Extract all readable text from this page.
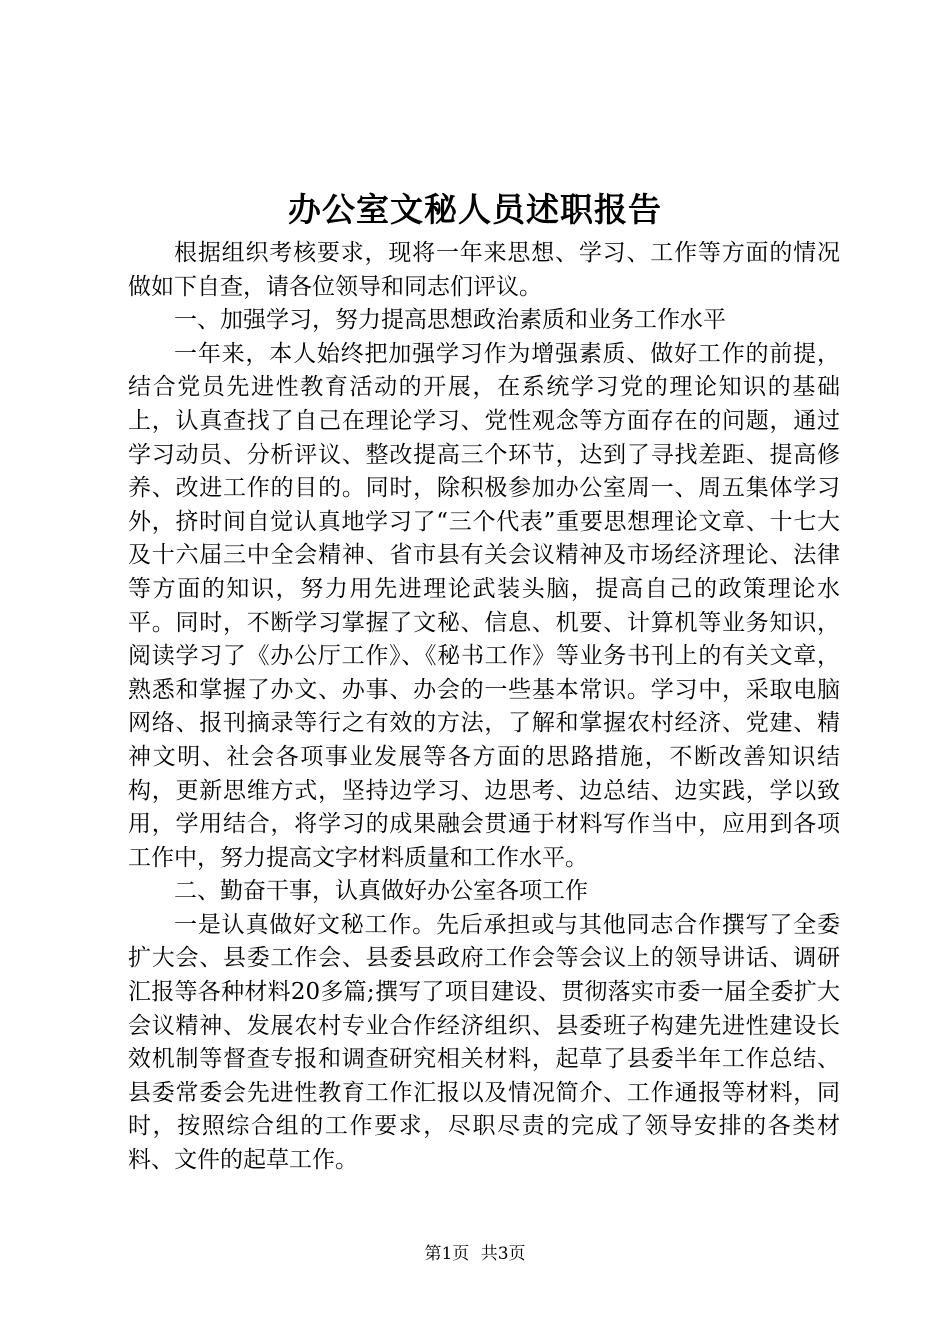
办公室文秘人员述职报告

根据组织考核要求，现将一年来思想、学习、工作等方面的情况做如下自查，请各位领导和同志们评议。

一、加强学习，努力提高思想政治素质和业务工作水平

一年来，本人始终把加强学习作为增强素质、做好工作的前提，结合党员先进性教育活动的开展，在系统学习党的理论知识的基础上，认真查找了自己在理论学习、党性观念等方面存在的问题，通过学习动员、分析评议、整改提高三个环节，达到了寻找差距、提高修养、改进工作的目的。同时，除积极参加办公室周一、周五集体学习外，挤时间自觉认真地学习了“三个代表”重要思想理论文章、十七大及十六届三中全会精神、省市县有关会议精神及市场经济理论、法律等方面的知识，努力用先进理论武装头脑，提高自己的政策理论水平。同时，不断学习掌握了文秘、信息、机要、计算机等业务知识，阅读学习了《办公厅工作》、《秘书工作》等业务书刊上的有关文章，熟悉和掌握了办文、办事、办会的一些基本常识。学习中，采取电脑网络、报刊摘录等行之有效的方法，了解和掌握农村经济、党建、精神文明、社会各项事业发展等各方面的思路措施，不断改善知识结构，更新思维方式，坚持边学习、边思考、边总结、边实践，学以致用，学用结合，将学习的成果融会贯通于材料写作当中，应用到各项工作中，努力提高文字材料质量和工作水平。

二、勤奋干事，认真做好办公室各项工作

一是认真做好文秘工作。先后承担或与其他同志合作撰写了全委扩大会、县委工作会、县委县政府工作会等会议上的领导讲话、调研汇报等各种材料20多篇;撰写了项目建设、贯彻落实市委一届全委扩大会议精神、发展农村专业合作经济组织、县委班子构建先进性建设长效机制等督查专报和调查研究相关材料，起草了县委半年工作总结、县委常委会先进性教育工作汇报以及情况简介、工作通报等材料，同时，按照综合组的工作要求，尽职尽责的完成了领导安排的各类材料、文件的起草工作。

第1页 共3页
